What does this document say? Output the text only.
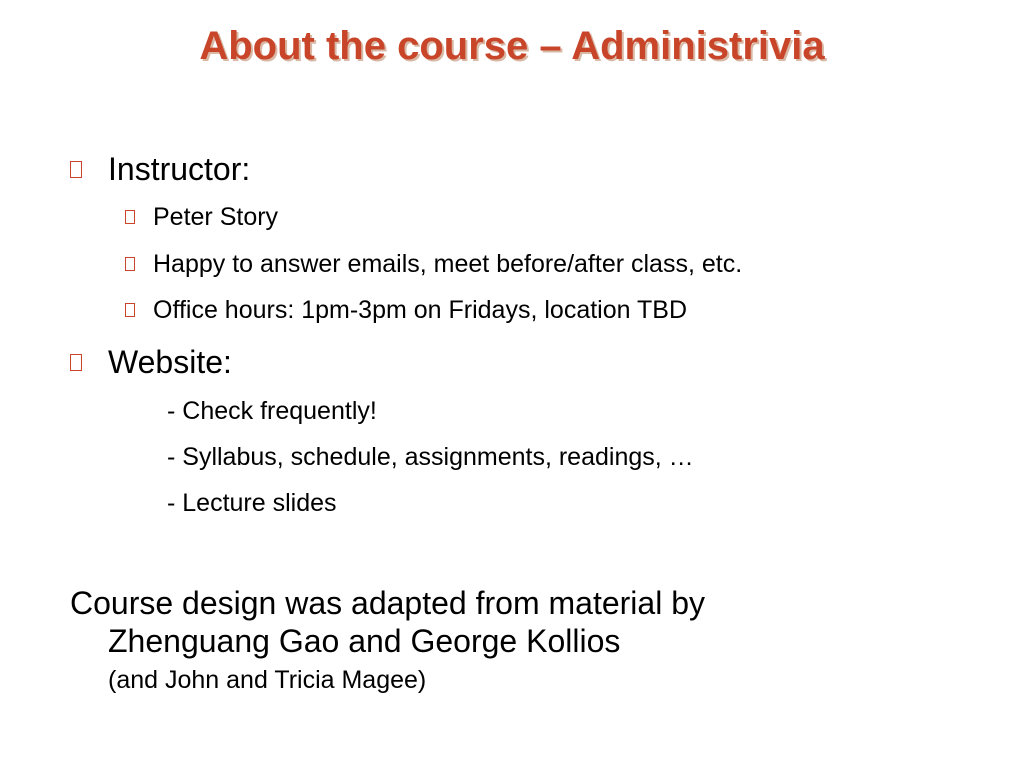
About the course – Administrivia
Instructor:
Peter Story
Happy to answer emails, meet before/after class, etc.
Office hours: 1pm-3pm on Fridays, location TBD
Website:
- Check frequently!
- Syllabus, schedule, assignments, readings, …
- Lecture slides
Course design was adapted from material by
Zhenguang Gao and George Kollios
(and John and Tricia Magee)
